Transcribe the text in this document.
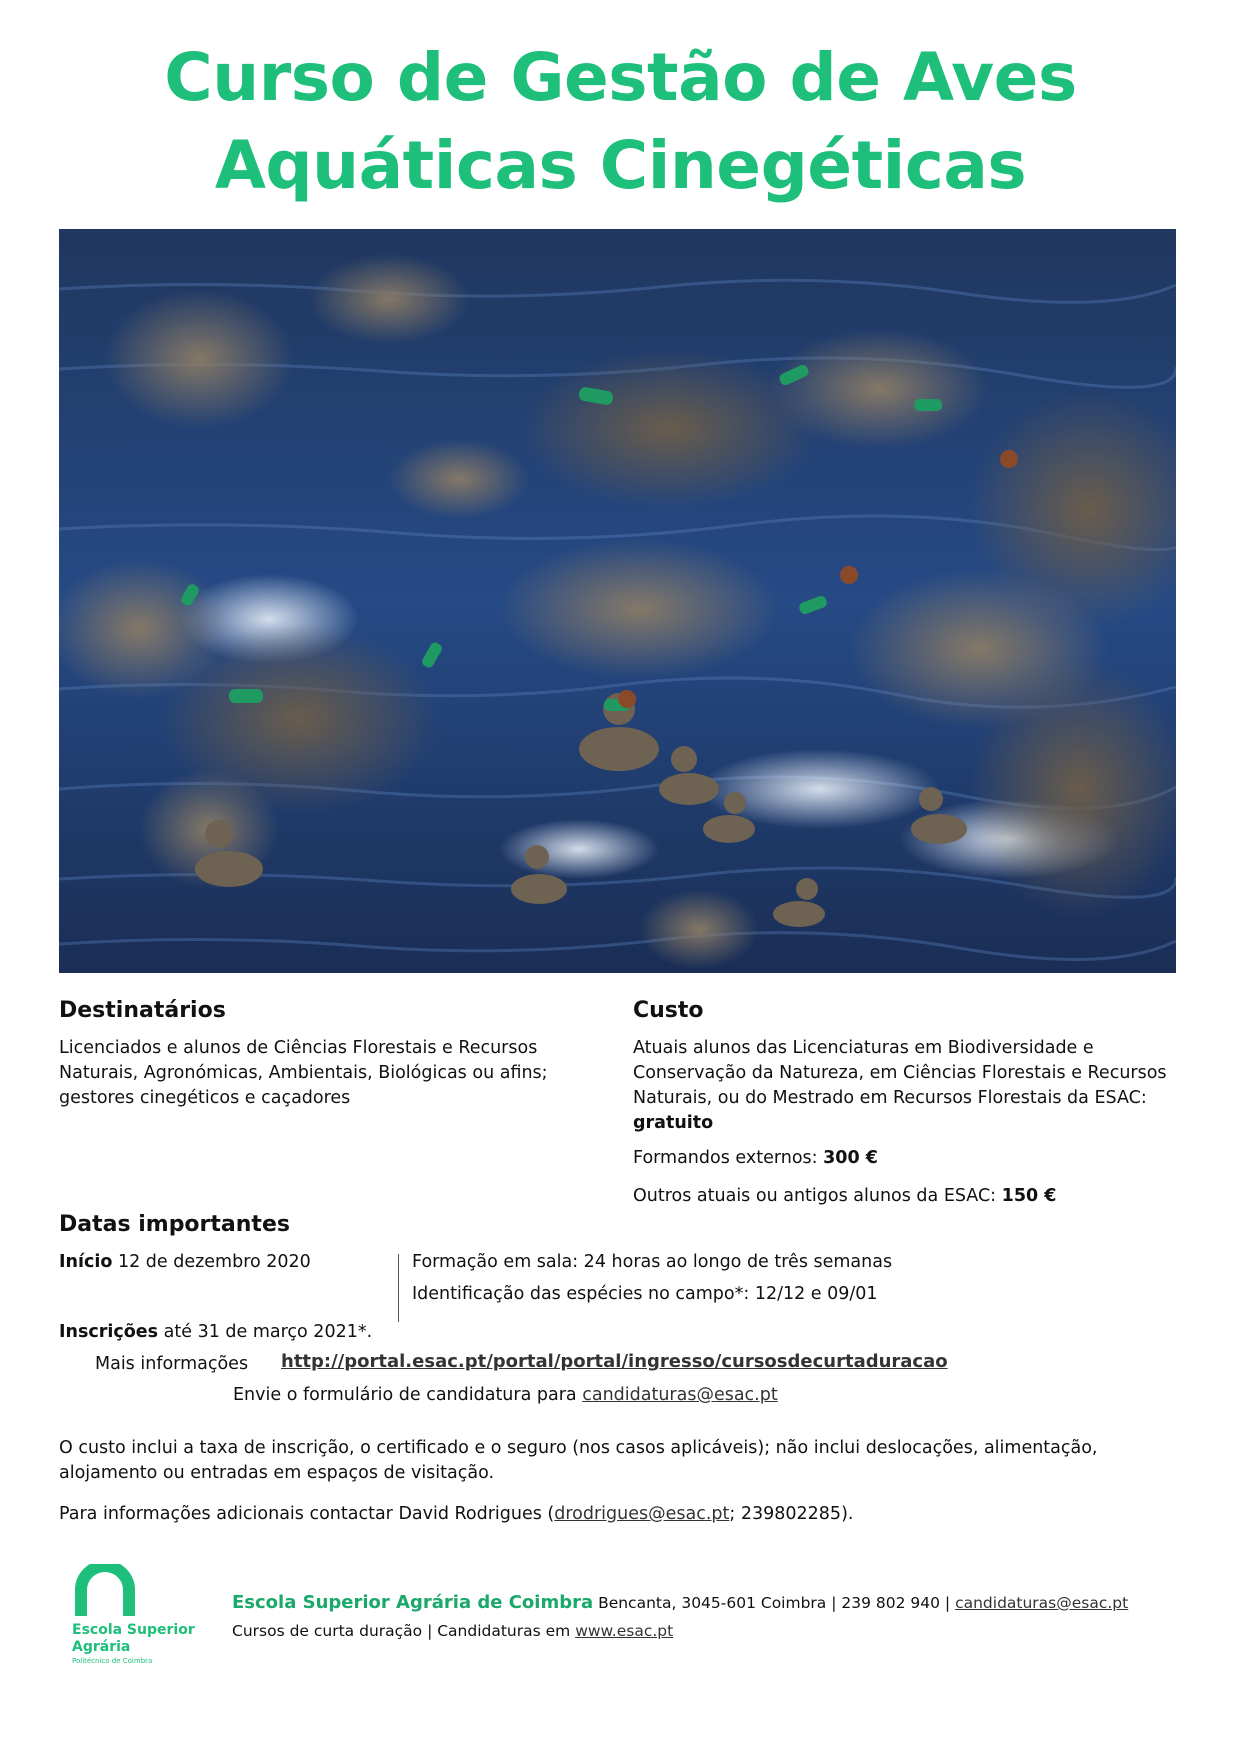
Curso de Gestão de Aves
Aquáticas Cinegéticas
Destinatários

Licenciados e alunos de Ciências Florestais e Recursos Naturais, Agronómicas, Ambientais, Biológicas ou afins; gestores cinegéticos e caçadores

Custo

Atuais alunos das Licenciaturas em Biodiversidade e Conservação da Natureza, em Ciências Florestais e Recursos Naturais, ou do Mestrado em Recursos Florestais da ESAC: gratuito

Formandos externos: 300 €

Outros atuais ou antigos alunos da ESAC: 150 €

Datas importantes

Início 12 de dezembro 2020	Formação em sala: 24 horas ao longo de três semanas

Identificação das espécies no campo*: 12/12 e 09/01

Inscrições até 31 de março 2021*.

Mais informações http://portal.esac.pt/portal/portal/ingresso/cursosdecurtaduracao

Envie o formulário de candidatura para candidaturas@esac.pt

O custo inclui a taxa de inscrição, o certificado e o seguro (nos casos aplicáveis); não inclui deslocações, alimentação, alojamento ou entradas em espaços de visitação.

Para informações adicionais contactar David Rodrigues (drodrigues@esac.pt; 239802285).

Escola Superior
Agrária
Politécnico de Coimbra

Escola Superior Agrária de Coimbra Bencanta, 3045-601 Coimbra | 239 802 940 | candidaturas@esac.pt

Cursos de curta duração | Candidaturas em www.esac.pt
